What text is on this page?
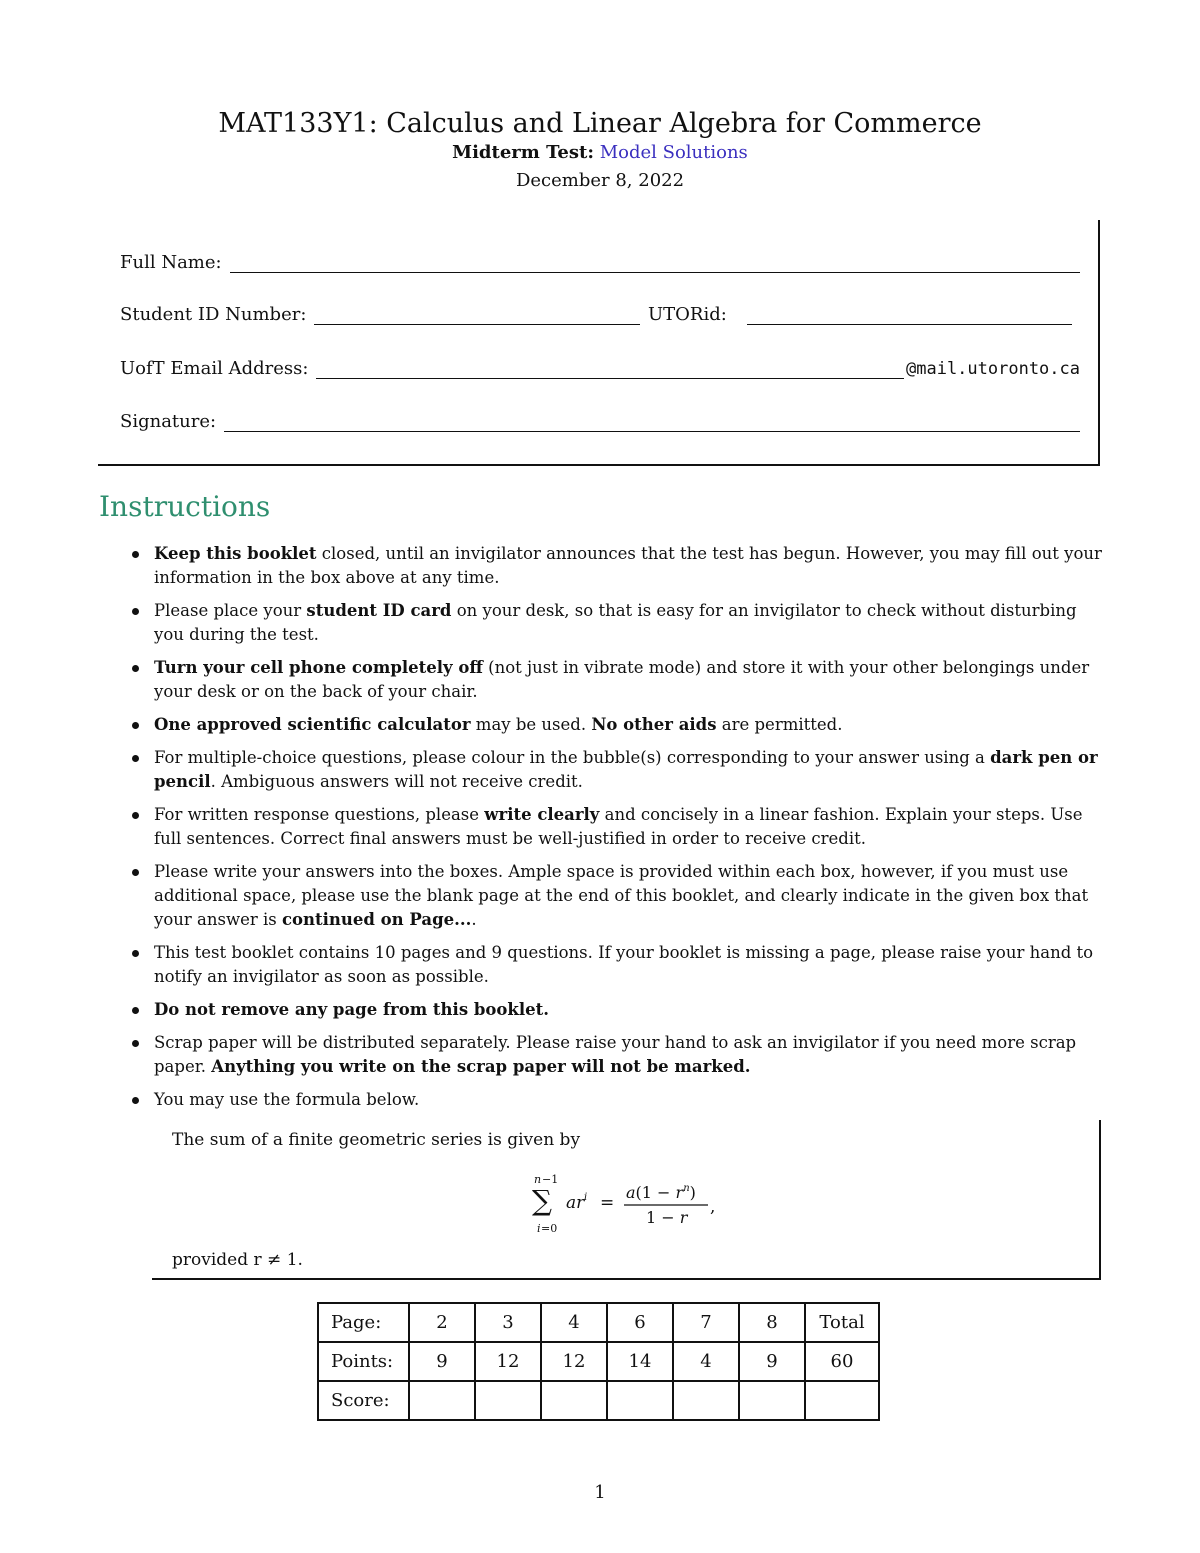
MAT133Y1: Calculus and Linear Algebra for Commerce
Midterm Test: Model Solutions
December 8, 2022
Full Name:
Student ID Number:	UTORid:
UofT Email Address:	@mail.utoronto.ca
Signature:
Instructions
Keep this booklet closed, until an invigilator announces that the test has begun. However, you may fill out your information in the box above at any time.
Please place your student ID card on your desk, so that is easy for an invigilator to check without disturbing you during the test.
Turn your cell phone completely off (not just in vibrate mode) and store it with your other belongings under your desk or on the back of your chair.
One approved scientific calculator may be used. No other aids are permitted.
For multiple-choice questions, please colour in the bubble(s) corresponding to your answer using a dark pen or pencil. Ambiguous answers will not receive credit.
For written response questions, please write clearly and concisely in a linear fashion. Explain your steps. Use full sentences. Correct final answers must be well-justified in order to receive credit.
Please write your answers into the boxes. Ample space is provided within each box, however, if you must use additional space, please use the blank page at the end of this booklet, and clearly indicate in the given box that your answer is continued on Page....
This test booklet contains 10 pages and 9 questions. If your booklet is missing a page, please raise your hand to notify an invigilator as soon as possible.
Do not remove any page from this booklet.
Scrap paper will be distributed separately. Please raise your hand to ask an invigilator if you need more scrap paper. Anything you write on the scrap paper will not be marked.
You may use the formula below.
The sum of a finite geometric series is given by
n −1
∑
i =0
ar i =
$a(1 - r^n)$
1 − r
,
provided r ≠ 1.
Page:	2	3	4	6	7	8	Total
Points:	9	12	12	14	4	9	60
Score:							
1
